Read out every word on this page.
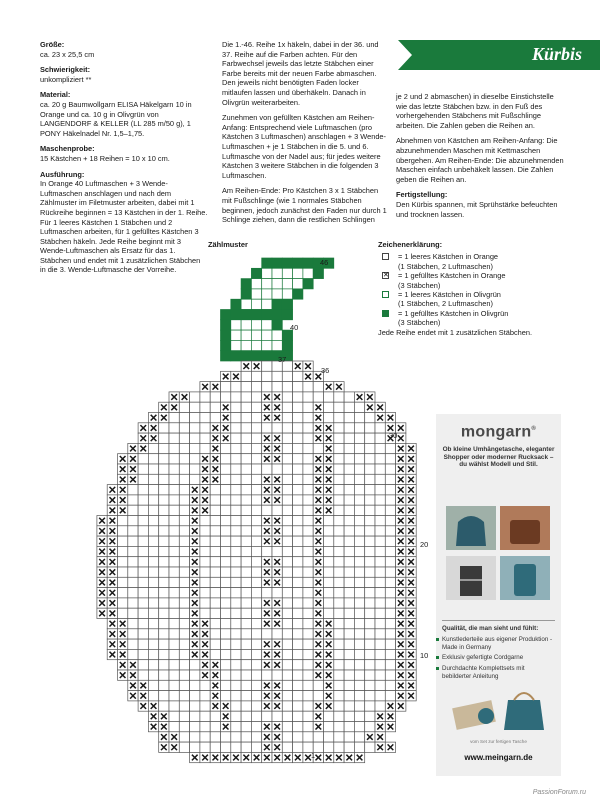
Größe:
ca. 23 x 25,5 cm

Schwierigkeit:
unkompliziert **

Material:
ca. 20 g Baumwollgarn ELISA Häkelgarn 10 in Orange und ca. 10 g in Olivgrün von LANGENDORF & KELLER (LL 285 m/50 g), 1 PONY Häkelnadel Nr. 1,5–1,75.

Maschenprobe:
15 Kästchen + 18 Reihen = 10 x 10 cm.

Ausführung:
In Orange 40 Luftmaschen + 3 Wende-Luftmaschen anschlagen und nach dem Zählmuster im Filetmuster arbeiten, dabei mit 1 Rückreihe beginnen = 13 Kästchen in der 1. Reihe. Für 1 leeres Kästchen 1 Stäbchen und 2 Luftmaschen arbeiten, für 1 gefülltes Kästchen 3 Stäbchen häkeln. Jede Reihe beginnt mit 3 Wende-Luftmaschen als Ersatz für das 1. Stäbchen und endet mit 1 zusätzlichen Stäbchen in die 3. Wende-Luftmasche der Vorreihe.

Die 1.-46. Reihe 1x häkeln, dabei in der 36. und 37. Reihe auf die Farben achten. Für den Farbwechsel jeweils das letzte Stäbchen einer Farbe bereits mit der neuen Farbe abmaschen. Den jeweils nicht benötigten Faden locker mitlaufen lassen und überhäkeln. Danach in Olivgrün weiterarbeiten.

Zunehmen von gefüllten Kästchen am Reihen-Anfang: Entsprechend viele Luftmaschen (pro Kästchen 3 Luftmaschen) anschlagen + 3 Wende-Luftmaschen + je 1 Stäbchen in die 5. und 6. Luftmasche von der Nadel aus; für jedes weitere Kästchen 3 weitere Stäbchen in die folgenden 3 Luftmaschen.

Am Reihen-Ende: Pro Kästchen 3 x 1 Stäbchen mit Fußschlinge (wie 1 normales Stäbchen beginnen, jedoch zunächst den Faden nur durch 1 Schlinge ziehen, dann die restlichen Schlingen

Kürbis

je 2 und 2 abmaschen) in dieselbe Einstichstelle wie das letzte Stäbchen bzw. in den Fuß des vorhergehenden Stäbchens mit Fußschlinge arbeiten. Die Zahlen geben die Reihen an.

Abnehmen von Kästchen am Reihen-Anfang: Die abzunehmenden Maschen mit Kettmaschen übergehen. Am Reihen-Ende: Die abzunehmenden Maschen einfach unbehäkelt lassen. Die Zahlen geben die Reihen an.

Fertigstellung:
Den Kürbis spannen, mit Sprühstärke befeuchten und trocknen lassen.

Zählmuster
46
40
37
36
30
20
10
1
Zeichenerklärung:
= 1 leeres Kästchen in Orange
(1 Stäbchen, 2 Luftmaschen)
✕
= 1 gefülltes Kästchen in Orange
(3 Stäbchen)
= 1 leeres Kästchen in Olivgrün
(1 Stäbchen, 2 Luftmaschen)
= 1 gefülltes Kästchen in Olivgrün
(3 Stäbchen)
Jede Reihe endet mit 1 zusätzlichen Stäbchen.
mongarn®
Ob kleine Umhängetasche, eleganter Shopper oder moderner Rucksack – du wählst Modell und Stil.
Qualität, die man sieht und fühlt:
Kunstlederteile aus eigener Produktion - Made in Germany
Exklusiv gefertigte Cordgarne
Durchdachte Komplettsets mit bebilderter Anleitung
vom Set zur fertigen Tasche
www.meingarn.de
PassionForum.ru
